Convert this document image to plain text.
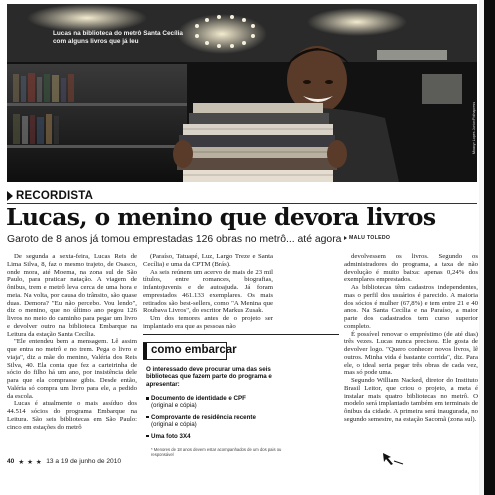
Lucas na biblioteca do metrô Santa Cecília com alguns livros que já leu
Moacyr Lopes Junior/Folhapress
RECORDISTA
Lucas, o menino que devora livros
Garoto de 8 anos já tomou emprestadas 126 obras no metrô... até agora MALU TOLEDO

De segunda a sexta-feira, Lucas Reis de Lima Silva, 8, faz o mesmo trajeto, de Osasco, onde mora, até Moema, na zona sul de São Paulo, para praticar natação. A viagem de ônibus, trem e metrô leva cerca de uma hora e meia. Na volta, por causa do trânsito, são quase duas. Demora? "Eu não percebo. Vou lendo", diz o menino, que no último ano pegou 126 livros no meio do caminho para pegar um livro e devolver outro na biblioteca Embarque na Leitura da estação Santa Cecília.

"Ele entendeu bem a mensagem. Lê assim que entra no metrô e no trem. Pega o livro e viaja", diz a mãe do menino, Valéria dos Reis Silva, 40. Ela conta que fez a carteirinha de sócio do filho há um ano, por insistência dele para que ela comprasse gibis. Desde então, Valéria só compra um livro para ele, a pedido da escola.

Lucas é atualmente o mais assíduo dos 44.514 sócios do programa Embarque na Leitura. São seis bibliotecas em São Paulo: cinco em estações do metrô

(Paraíso, Tatuapé, Luz, Largo Treze e Santa Cecília) e uma da CPTM (Brás).

As seis reúnem um acervo de mais de 23 mil títulos, entre romances, biografias, infantojuvenis e de autoajuda. Já foram emprestados 461.133 exemplares. Os mais retirados são best-sellers, como "A Menina que Roubava Livros", do escritor Markus Zusak.

Um dos temores antes de o projeto ser implantado era que as pessoas não

devolvessem os livros. Segundo os administradores do programa, a taxa de não devolução é muito baixa: apenas 0,24% dos exemplares emprestados.

As bibliotecas têm cadastros independentes, mas o perfil dos usuários é parecido. A maioria dos sócios é mulher (67,8%) e tem entre 21 e 40 anos. Na Santa Cecília e na Paraíso, a maior parte dos cadastrados tem curso superior completo.

É possível renovar o empréstimo (de até dias) três vezes. Lucas nunca precisou. Ele gosta de devolver logo. "Quero conhecer novos livros, lê outros. Minha vida é bastante corrida", diz. Para ele, o ideal seria pegar três obras de cada vez, mas só pode uma.

Segundo William Nacked, diretor do Instituto Brasil Leitor, que criou o projeto, a meta é instalar mais quatro bibliotecas no metrô. O modelo será implantado também em terminais de ônibus da cidade. A primeira será inaugurada, no segundo semestre, na estação Sacomã (zona sul).

como embarcar
O interessado deve procurar uma das seis bibliotecas que fazem parte do programa e apresentar:
Documento de identidade e CPF
(original e cópia)
Comprovante de residência recente
(original e cópia)
Uma foto 3X4
* Menores de 18 anos devem estar acompanhados de um dos pais ou responsável
40 ★ ★ ★ 13 a 19 de junho de 2010
